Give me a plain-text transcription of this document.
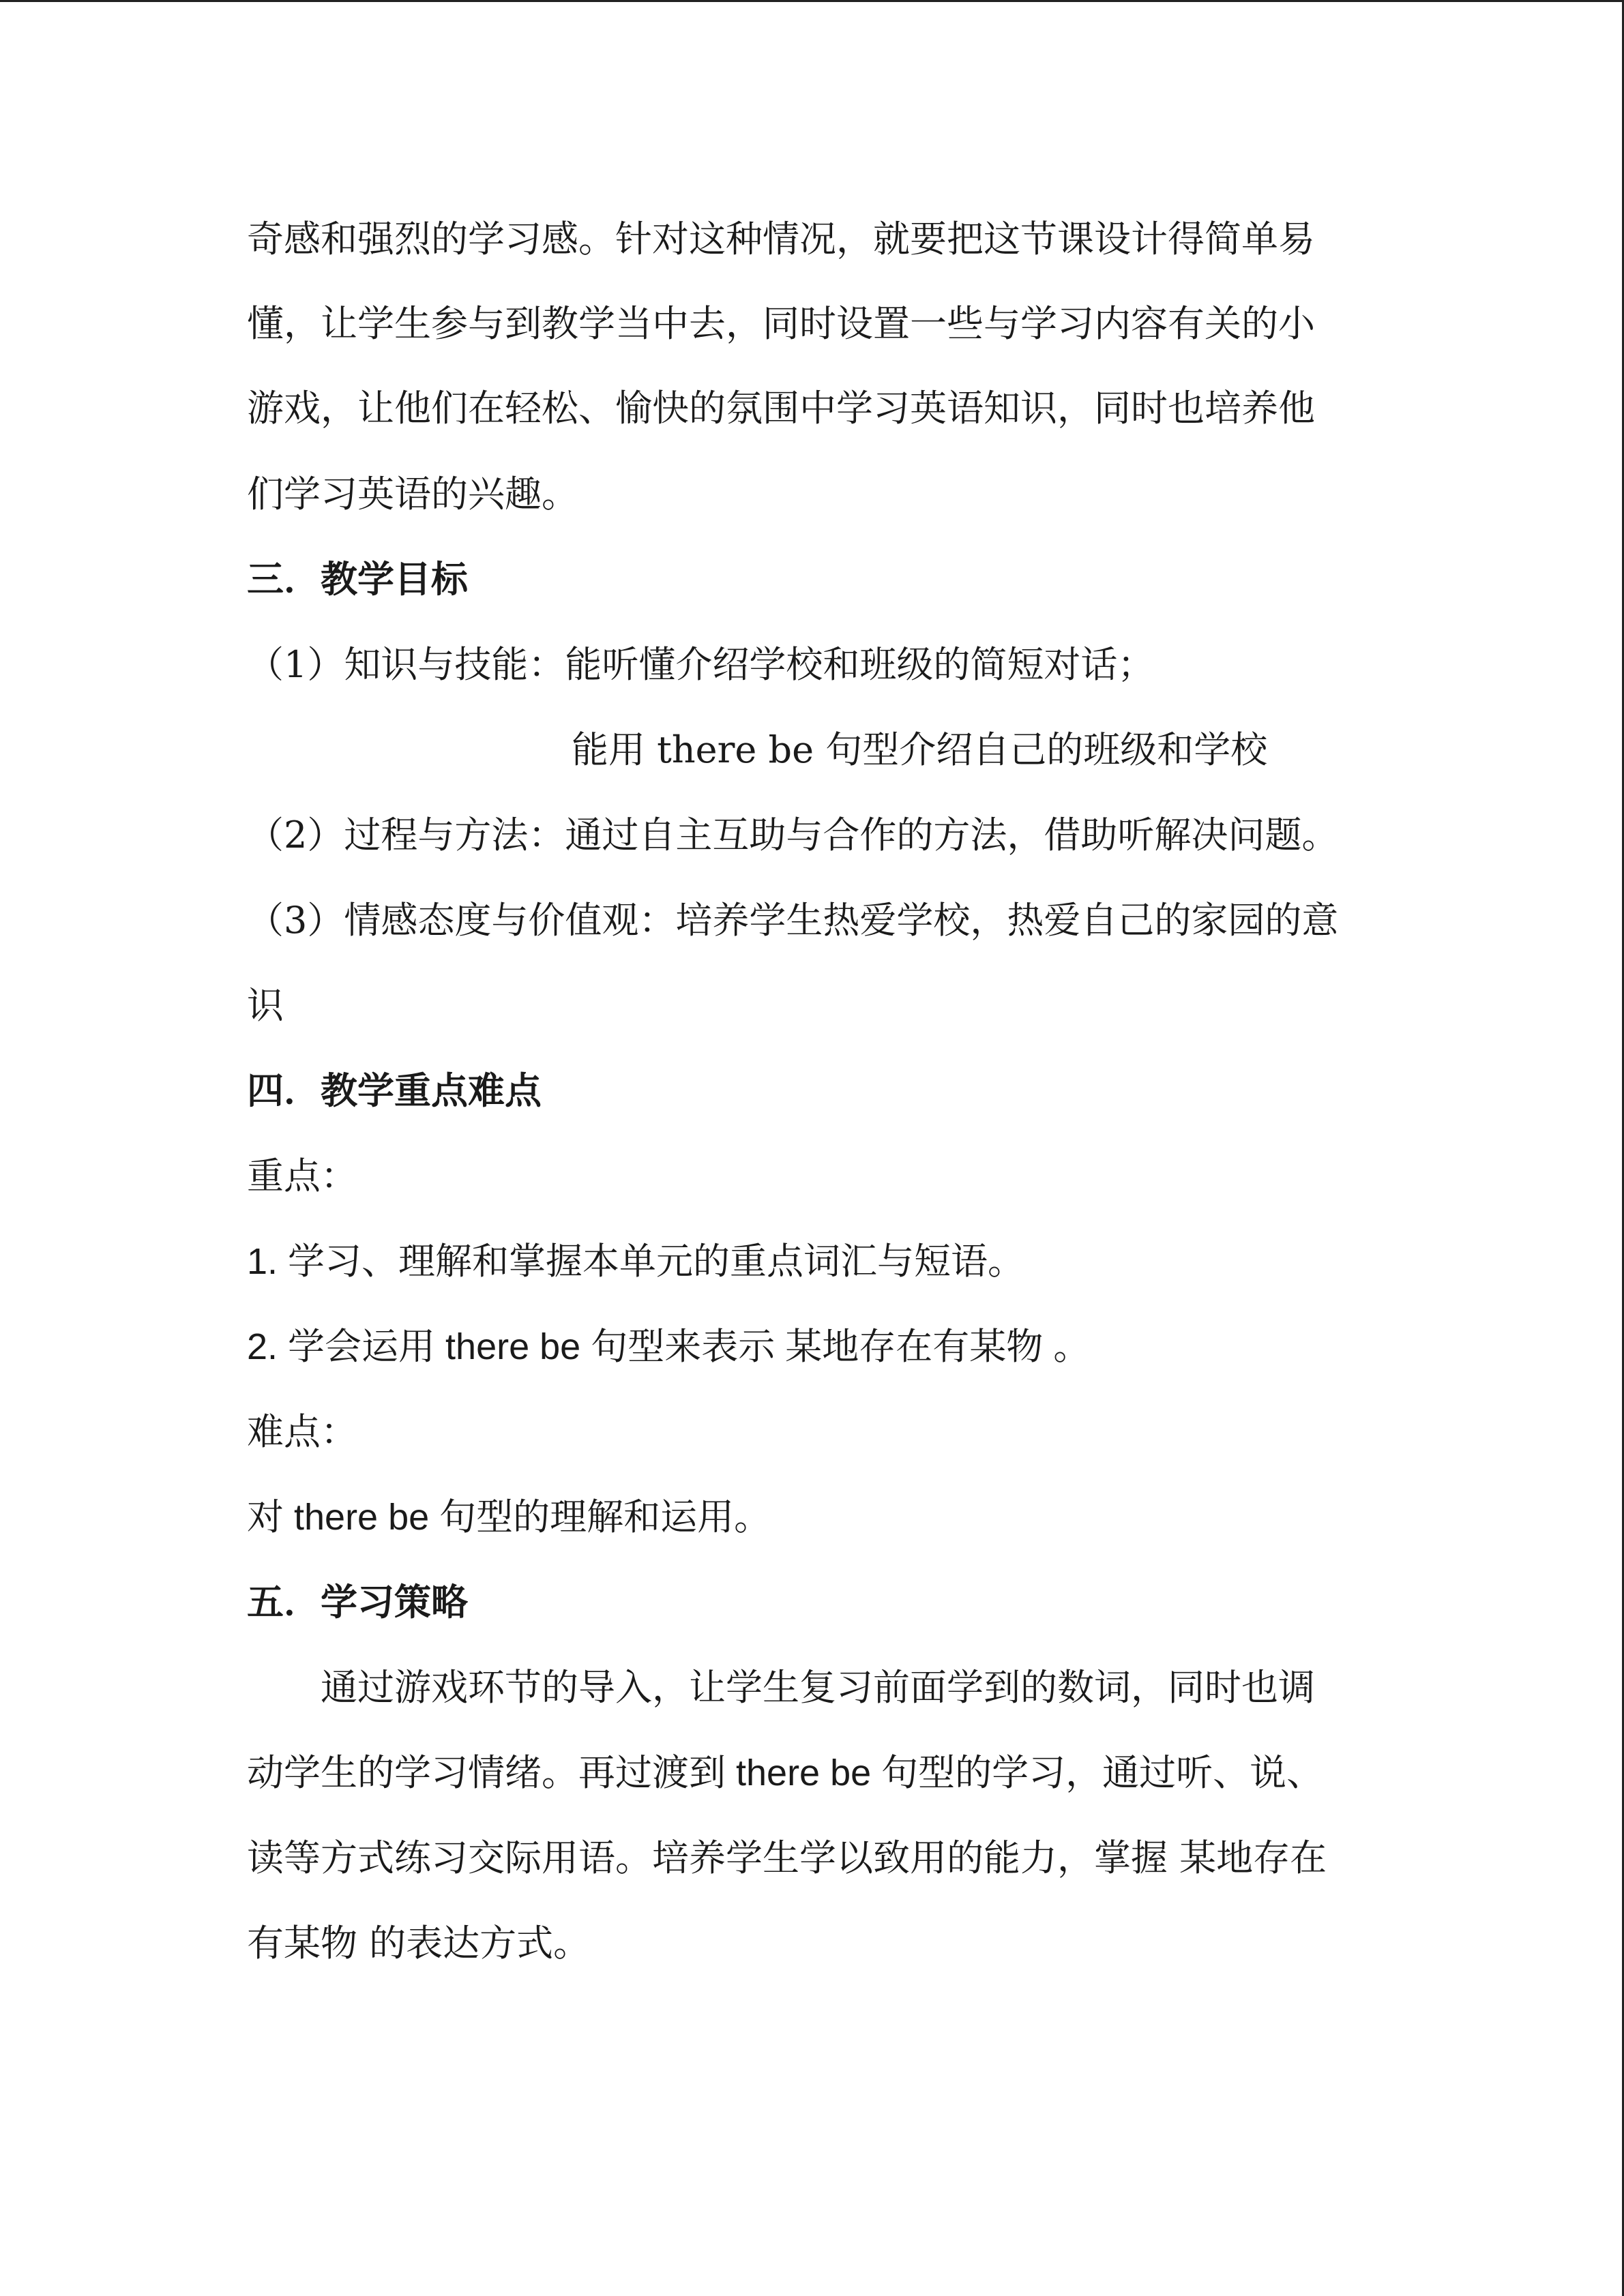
奇感和强烈的学习感。针对这种情况，就要把这节课设计得简单易

懂，让学生参与到教学当中去，同时设置一些与学习内容有关的小

游戏，让他们在轻松、愉快的氛围中学习英语知识，同时也培养他

们学习英语的兴趣。

三．教学目标

（1）知识与技能：能听懂介绍学校和班级的简短对话；

能用 there be 句型介绍自己的班级和学校

（2）过程与方法：通过自主互助与合作的方法，借助听解决问题。

（3）情感态度与价值观：培养学生热爱学校，热爱自己的家园的意

识

四．教学重点难点

重点：

1. 学习、理解和掌握本单元的重点词汇与短语。

2. 学会运用 there be 句型来表示 某地存在有某物 。

难点：

对 there be 句型的理解和运用。

五．学习策略

通过游戏环节的导入，让学生复习前面学到的数词，同时也调

动学生的学习情绪。再过渡到 there be 句型的学习，通过听、说、

读等方式练习交际用语。培养学生学以致用的能力，掌握 某地存在

有某物 的表达方式。
